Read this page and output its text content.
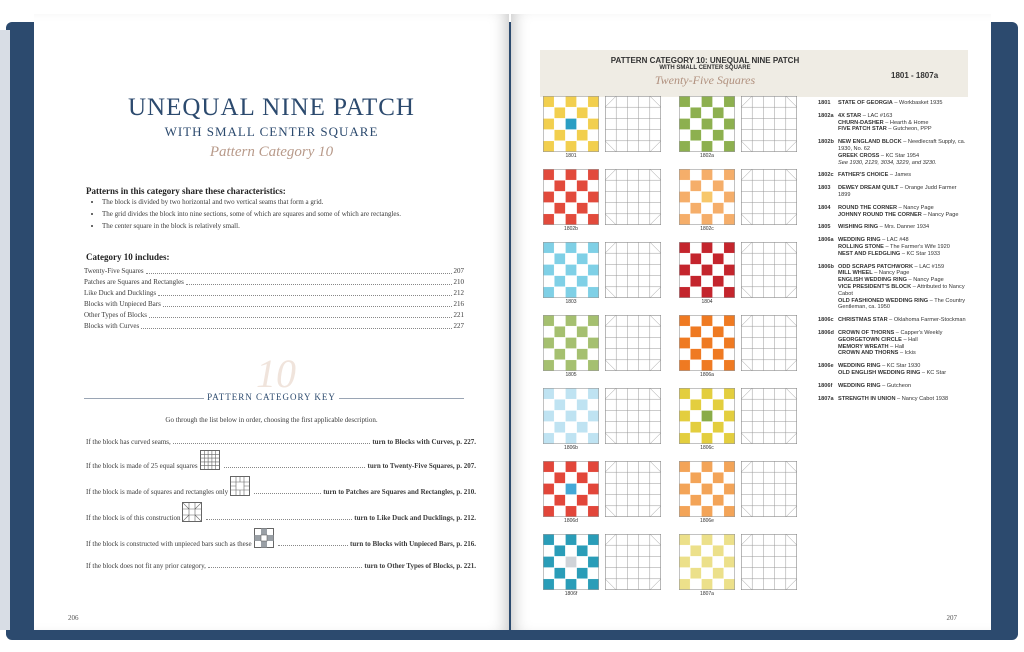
UNEQUAL NINE PATCH
WITH SMALL CENTER SQUARE
Pattern Category 10
Patterns in this category share these characteristics:
• The block is divided by two horizontal and two vertical seams that form a grid.
• The grid divides the block into nine sections, some of which are squares and some of which are rectangles.
• The center square in the block is relatively small.
Category 10 includes:
Twenty-Five Squares	207
Patches are Squares and Rectangles	210
Like Duck and Ducklings	212
Blocks with Unpieced Bars	216
Other Types of Blocks	221
Blocks with Curves	227
10
PATTERN CATEGORY KEY
Go through the list below in order, choosing the first applicable description.
If the block has curved seams,	turn to Blocks with Curves, p. 227.
If the block is made of 25 equal squares	turn to Twenty-Five Squares, p. 207.
If the block is made of squares and rectangles only	turn to Patches are Squares and Rectangles, p. 210.
If the block is of this construction	turn to Like Duck and Ducklings, p. 212.
If the block is constructed with unpieced bars such as these	turn to Blocks with Unpieced Bars, p. 216.
If the block does not fit any prior category,	turn to Other Types of Blocks, p. 221.
206
PATTERN CATEGORY 10: UNEQUAL NINE PATCH
WITH SMALL CENTER SQUARE
Twenty-Five Squares	1801 - 1807a
1801	1802a
1802b	1802c
1803	1804
1805	1806a
1806b	1806c
1806d	1806e
1806f	1807a
1801	STATE OF GEORGIA – Workbasket 1935
1802a 4X STAR – LAC #163
CHURN-DASHER – Hearth & Home
FIVE PATCH STAR – Gutcheon, PPP
1802b NEW ENGLAND BLOCK – Needlecraft Supply, ca. 1930, No. 62
GREEK CROSS – KC Star 1954
See 1930, 2129, 3034, 3229, and 3230.
1802c FATHER'S CHOICE – James
1803	DEWEY DREAM QUILT – Orange Judd Farmer 1899
1804	ROUND THE CORNER – Nancy Page
JOHNNY ROUND THE CORNER – Nancy Page
1805	WISHING RING – Mrs. Danner 1934
1806a WEDDING RING – LAC #48
ROLLING STONE – The Farmer's Wife 1920
NEST AND FLEDGLING – KC Star 1933
1806b ODD SCRAPS PATCHWORK – LAC #159
MILL WHEEL – Nancy Page
ENGLISH WEDDING RING – Nancy Page
VICE PRESIDENT'S BLOCK – Attributed to Nancy Cabot
OLD FASHIONED WEDDING RING – The Country Gentleman, ca. 1950
1806c CHRISTMAS STAR – Oklahoma Farmer-Stockman
1806d CROWN OF THORNS – Capper's Weekly
GEORGETOWN CIRCLE – Hall
MEMORY WREATH – Hall
CROWN AND THORNS – Ickis
1806e WEDDING RING – KC Star 1930
OLD ENGLISH WEDDING RING – KC Star
1806f	WEDDING RING – Gutcheon
1807a STRENGTH IN UNION – Nancy Cabot 1938
207
